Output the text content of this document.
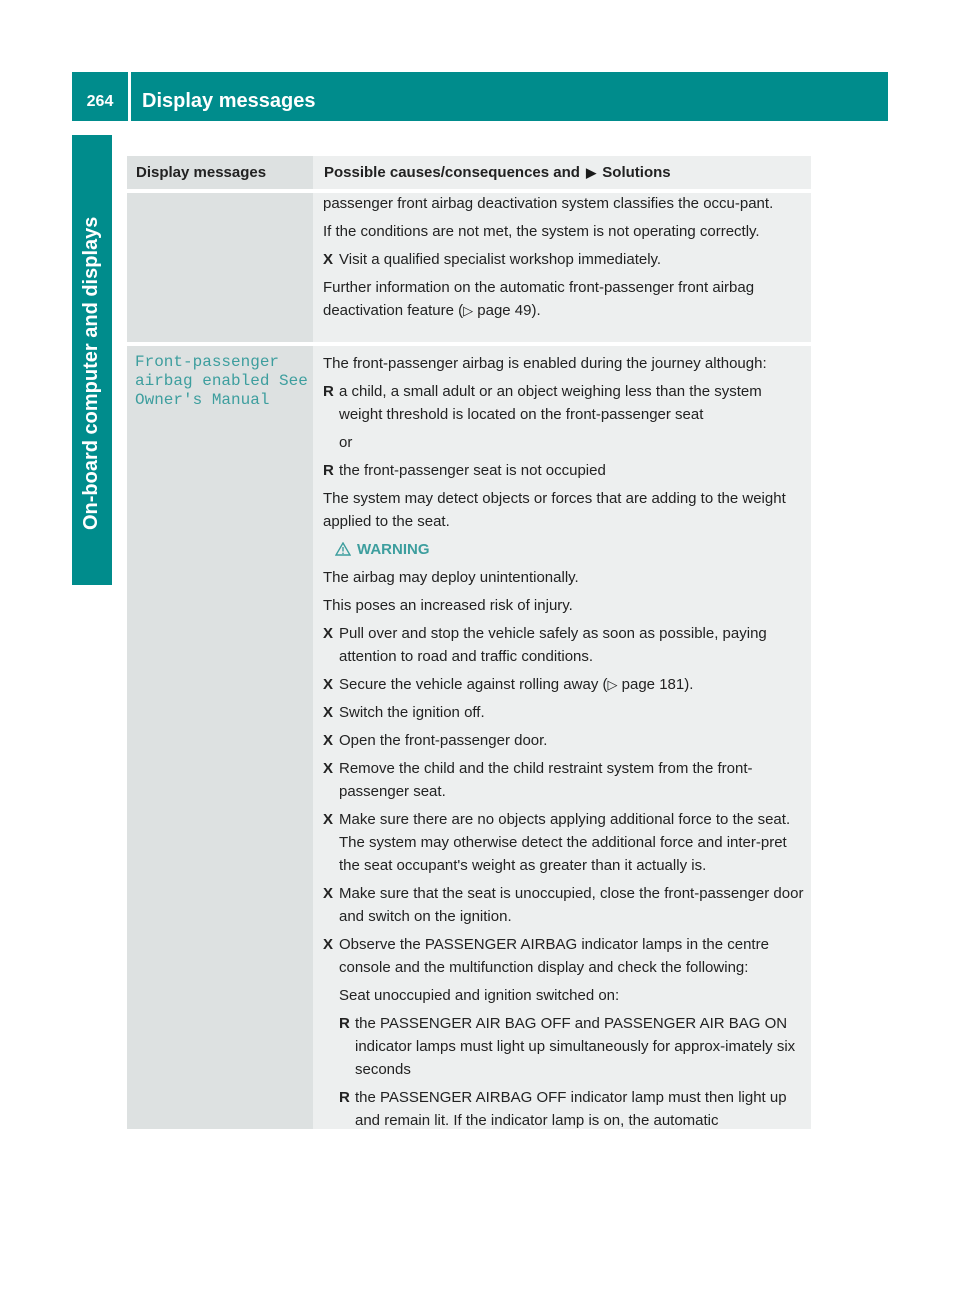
264	Display messages
On-board computer and displays
Display messages	Possible causes/consequences and ▶ Solutions

passenger front airbag deactivation system classifies the occu-pant.

If the conditions are not met, the system is not operating correctly.

X Visit a qualified specialist workshop immediately.

Further information on the automatic front-passenger front airbag deactivation feature (▷ page 49).

Front-passenger airbag enabled See Owner's Manual

The front-passenger airbag is enabled during the journey although:

R a child, a small adult or an object weighing less than the system weight threshold is located on the front-passenger seat

or

R the front-passenger seat is not occupied

The system may detect objects or forces that are adding to the weight applied to the seat.

WARNING

The airbag may deploy unintentionally.

This poses an increased risk of injury.

X Pull over and stop the vehicle safely as soon as possible, paying attention to road and traffic conditions.
X Secure the vehicle against rolling away (▷ page 181).
X Switch the ignition off.
X Open the front-passenger door.
X Remove the child and the child restraint system from the front-passenger seat.
X Make sure there are no objects applying additional force to the seat.
The system may otherwise detect the additional force and inter-pret the seat occupant's weight as greater than it actually is.
X Make sure that the seat is unoccupied, close the front-passenger door and switch on the ignition.
X Observe the PASSENGER AIRBAG indicator lamps in the centre console and the multifunction display and check the following:

Seat unoccupied and ignition switched on:

R the PASSENGER AIR BAG OFF and PASSENGER AIR BAG ON indicator lamps must light up simultaneously for approx-imately six seconds
R the PASSENGER AIRBAG OFF indicator lamp must then light up and remain lit. If the indicator lamp is on, the automatic
